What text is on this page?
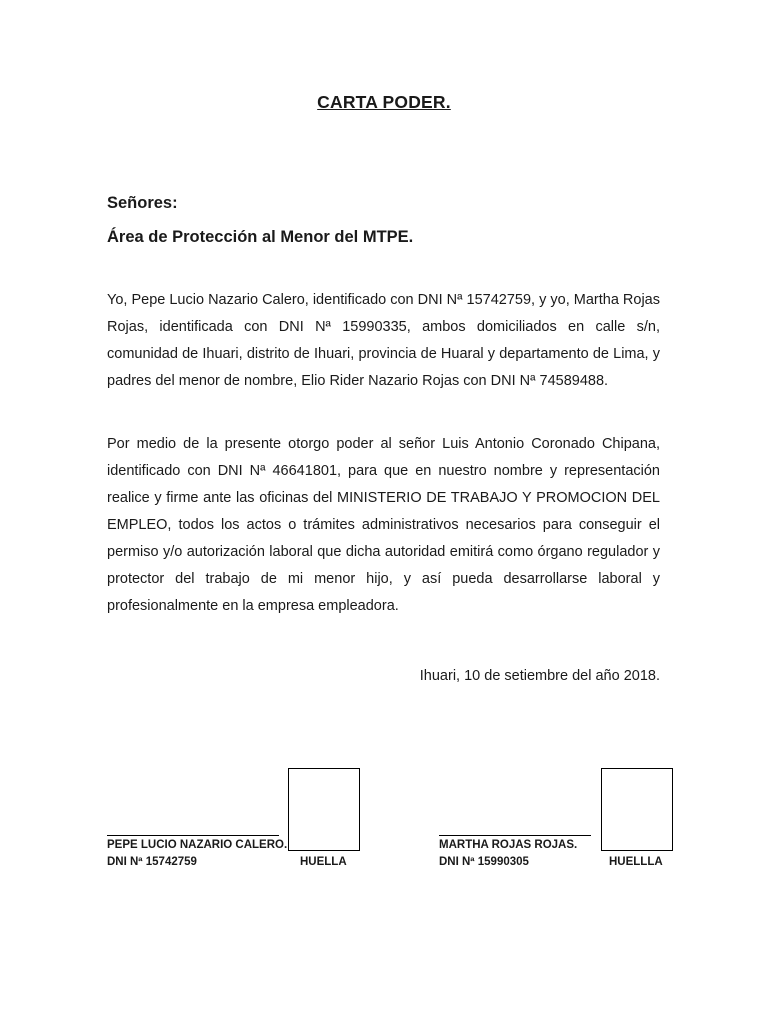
CARTA PODER.
Señores:
Área de Protección al Menor del MTPE.

Yo, Pepe Lucio Nazario Calero, identificado con DNI Nª 15742759, y yo, Martha Rojas Rojas, identificada con DNI Nª 15990335, ambos domiciliados en calle s/n, comunidad de Ihuari, distrito de Ihuari, provincia de Huaral y departamento de Lima, y padres del menor de nombre, Elio Rider Nazario Rojas con DNI Nª 74589488.

Por medio de la presente otorgo poder al señor Luis Antonio Coronado Chipana, identificado con DNI Nª 46641801, para que en nuestro nombre y representación realice y firme ante las oficinas del MINISTERIO DE TRABAJO Y PROMOCION DEL EMPLEO, todos los actos o trámites administrativos necesarios para conseguir el permiso y/o autorización laboral que dicha autoridad emitirá como órgano regulador y protector del trabajo de mi menor hijo, y así pueda desarrollarse laboral y profesionalmente en la empresa empleadora.

Ihuari, 10 de setiembre del año 2018.
PEPE LUCIO NAZARIO CALERO.
DNI Nª 15742759	HUELLA
MARTHA ROJAS ROJAS.
DNI Nª 15990305	HUELLLA
